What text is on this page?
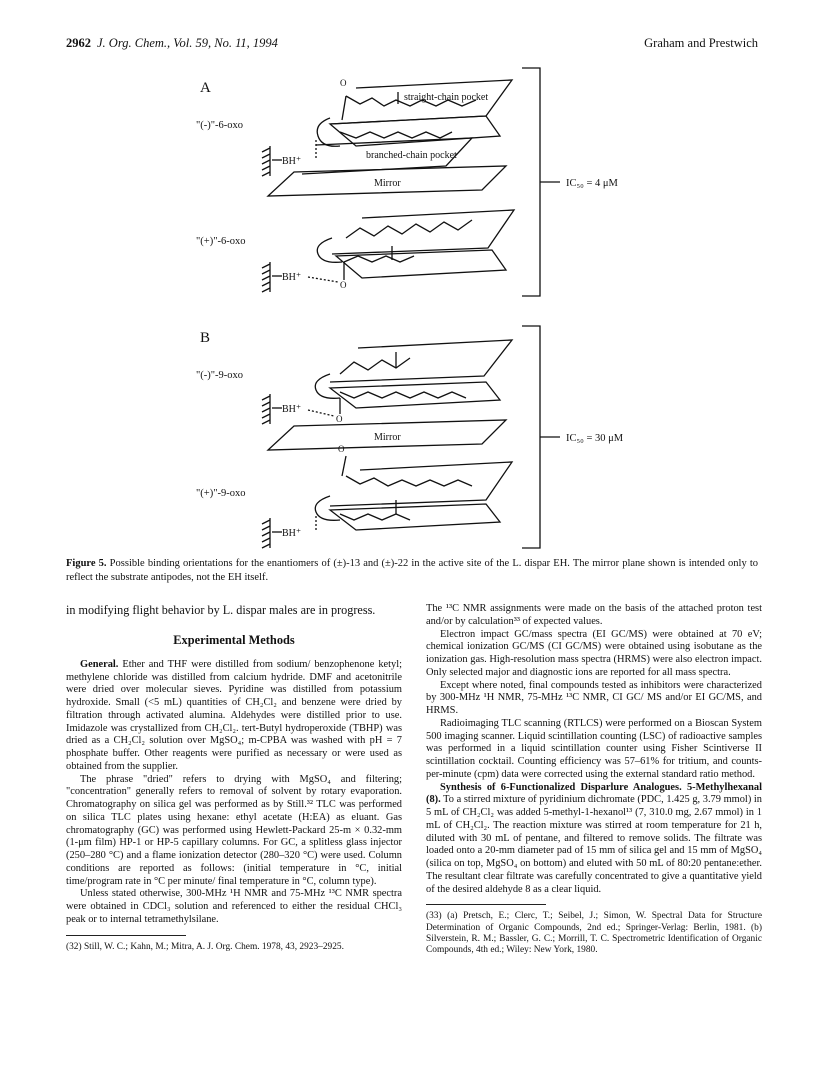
2962 J. Org. Chem., Vol. 59, No. 11, 1994	Graham and Prestwich
A
"(-)"-6-oxo
"(+)"-6-oxo
straight-chain pocket
branched-chain pocket
O
BH⁺
Mirror
O
BH⁺
IC₅₀ = 4 μM
B
"(-)"-9-oxo
"(+)"-9-oxo
O
BH⁺
Mirror
O
BH⁺
IC₅₀ = 30 μM
Figure 5. Possible binding orientations for the enantiomers of (±)-13 and (±)-22 in the active site of the L. dispar EH. The mirror plane shown is intended only to reflect the substrate antipodes, not the EH itself.

in modifying flight behavior by L. dispar males are in progress.

Experimental Methods

General. Ether and THF were distilled from sodium/ benzophenone ketyl; methylene chloride was distilled from calcium hydride. DMF and acetonitrile were dried over molecular sieves. Pyridine was distilled from potassium hydroxide. Small (<5 mL) quantities of CH₂Cl₂ and benzene were dried by filtration through activated alumina. Aldehydes were distilled prior to use. Imidazole was crystallized from CH₂Cl₂. tert-Butyl hydroperoxide (TBHP) was dried as a CH₂Cl₂ solution over MgSO₄; m-CPBA was washed with pH = 7 phosphate buffer. Other reagents were purified as necessary or were used as obtained from the supplier.

The phrase "dried" refers to drying with MgSO₄ and filtering; "concentration" generally refers to removal of solvent by rotary evaporation. Chromatography on silica gel was performed as by Still.³² TLC was performed on silica TLC plates using hexane: ethyl acetate (H:EA) as eluant. Gas chromatography (GC) was performed using Hewlett-Packard 25-m × 0.32-mm (1-μm film) HP-1 or HP-5 capillary columns. For GC, a splitless glass injector (250–280 °C) and a flame ionization detector (280–320 °C) were used. Column conditions are reported as follows: (initial temperature in °C, initial time/program rate in °C per minute/ final temperature in °C, column type).

Unless stated otherwise, 300-MHz ¹H NMR and 75-MHz ¹³C NMR spectra were obtained in CDCl₃ solution and referenced to either the residual CHCl₃ peak or to internal tetramethylsilane.

(32) Still, W. C.; Kahn, M.; Mitra, A. J. Org. Chem. 1978, 43, 2923–2925.

The ¹³C NMR assignments were made on the basis of the attached proton test and/or by calculation³³ of expected values.

Electron impact GC/mass spectra (EI GC/MS) were obtained at 70 eV; chemical ionization GC/MS (CI GC/MS) were obtained using isobutane as the ionization gas. High-resolution mass spectra (HRMS) were also electron impact. Only selected major and diagnostic ions are reported for all mass spectra.

Except where noted, final compounds tested as inhibitors were characterized by 300-MHz ¹H NMR, 75-MHz ¹³C NMR, CI GC/ MS and/or EI GC/MS, and HRMS.

Radioimaging TLC scanning (RTLCS) were performed on a Bioscan System 500 imaging scanner. Liquid scintillation counting (LSC) of radioactive samples was performed in a liquid scintillation counter using Fisher Scintiverse II scintillation cocktail. Counting efficiency was 57–61% for tritium, and counts-per-minute (cpm) data were corrected using the external standard ratio method.

Synthesis of 6-Functionalized Disparlure Analogues. 5-Methylhexanal (8). To a stirred mixture of pyridinium dichromate (PDC, 1.425 g, 3.79 mmol) in 5 mL of CH₂Cl₂ was added 5-methyl-1-hexanol¹³ (7, 310.0 mg, 2.67 mmol) in 1 mL of CH₂Cl₂. The reaction mixture was stirred at room temperature for 21 h, diluted with 30 mL of pentane, and filtered to remove solids. The filtrate was loaded onto a 20-mm diameter pad of 15 mm of silica gel and 15 mm of MgSO₄ (silica on top, MgSO₄ on bottom) and eluted with 50 mL of 80:20 pentane:ether. The resultant clear filtrate was carefully concentrated to give a quantitative yield of the desired aldehyde 8 as a clear liquid.

(33) (a) Pretsch, E.; Clerc, T.; Seibel, J.; Simon, W. Spectral Data for Structure Determination of Organic Compounds, 2nd ed.; Springer-Verlag: Berlin, 1981. (b) Silverstein, R. M.; Bassler, G. C.; Morrill, T. C. Spectrometric Identification of Organic Compounds, 4th ed.; Wiley: New York, 1980.
